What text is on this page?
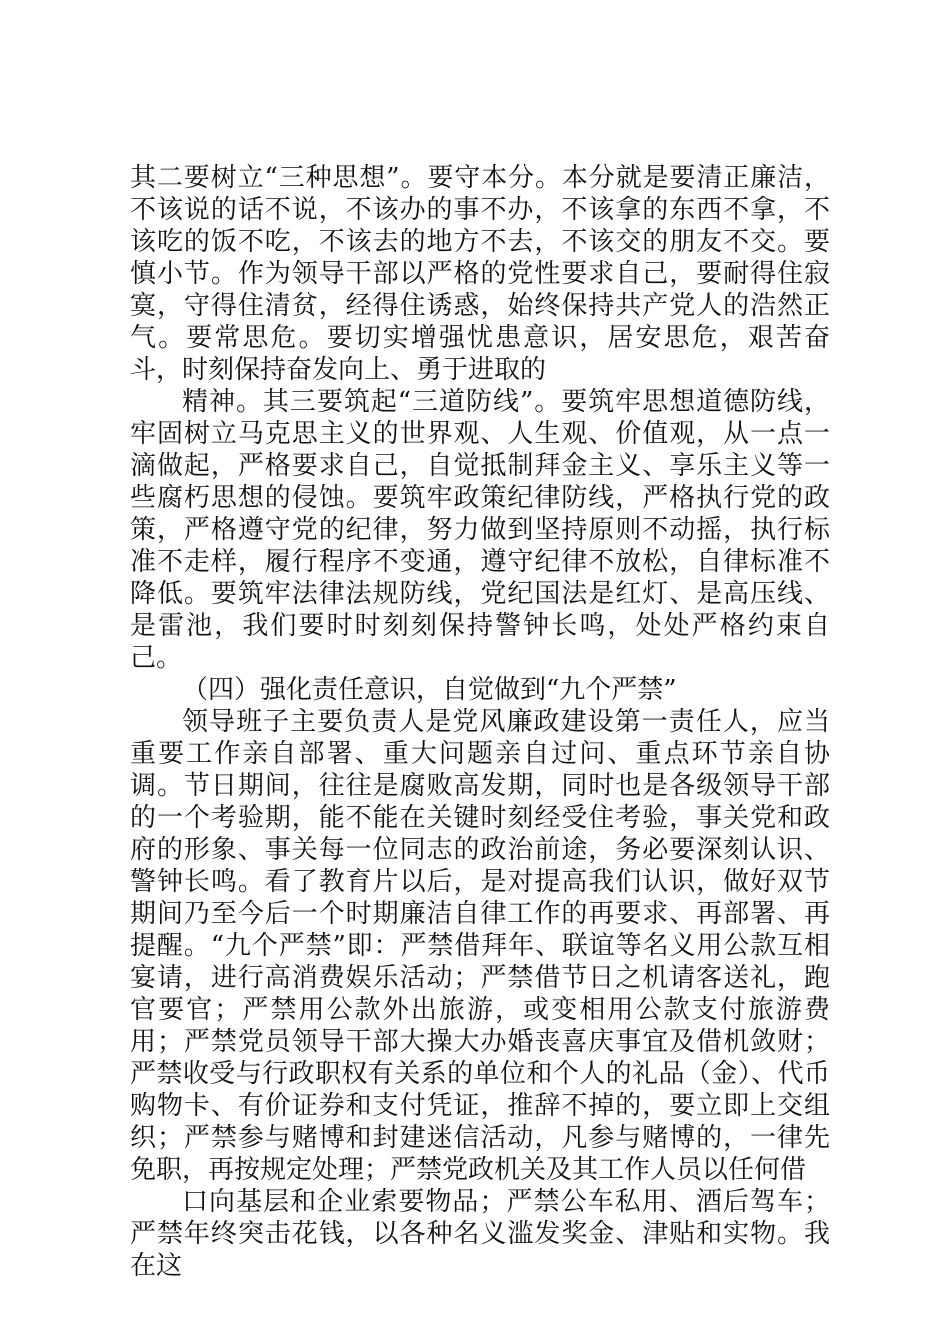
其二要树立“三种思想”。要守本分。本分就是要清正廉洁，不该说的话不说，不该办的事不办，不该拿的东西不拿，不该吃的饭不吃，不该去的地方不去，不该交的朋友不交。要慎小节。作为领导干部以严格的党性要求自己，要耐得住寂寞，守得住清贫，经得住诱惑，始终保持共产党人的浩然正气。要常思危。要切实增强忧患意识，居安思危，艰苦奋斗，时刻保持奋发向上、勇于进取的

精神。其三要筑起“三道防线”。要筑牢思想道德防线，牢固树立马克思主义的世界观、人生观、价值观，从一点一滴做起，严格要求自己，自觉抵制拜金主义、享乐主义等一些腐朽思想的侵蚀。要筑牢政策纪律防线，严格执行党的政策，严格遵守党的纪律，努力做到坚持原则不动摇，执行标准不走样，履行程序不变通，遵守纪律不放松，自律标准不降低。要筑牢法律法规防线，党纪国法是红灯、是高压线、是雷池，我们要时时刻刻保持警钟长鸣，处处严格约束自己。

（四）强化责任意识，自觉做到“九个严禁”

领导班子主要负责人是党风廉政建设第一责任人，应当重要工作亲自部署、重大问题亲自过问、重点环节亲自协调。节日期间，往往是腐败高发期，同时也是各级领导干部的一个考验期，能不能在关键时刻经受住考验，事关党和政府的形象、事关每一位同志的政治前途，务必要深刻认识、警钟长鸣。看了教育片以后，是对提高我们认识，做好双节期间乃至今后一个时期廉洁自律工作的再要求、再部署、再提醒。“九个严禁”即：严禁借拜年、联谊等名义用公款互相宴请，进行高消费娱乐活动；严禁借节日之机请客送礼，跑官要官；严禁用公款外出旅游，或变相用公款支付旅游费用；严禁党员领导干部大操大办婚丧喜庆事宜及借机敛财；严禁收受与行政职权有关系的单位和个人的礼品（金）、代币购物卡、有价证券和支付凭证，推辞不掉的，要立即上交组织；严禁参与赌博和封建迷信活动，凡参与赌博的，一律先免职，再按规定处理；严禁党政机关及其工作人员以任何借

口向基层和企业索要物品；严禁公车私用、酒后驾车；严禁年终突击花钱，以各种名义滥发奖金、津贴和实物。我在这
